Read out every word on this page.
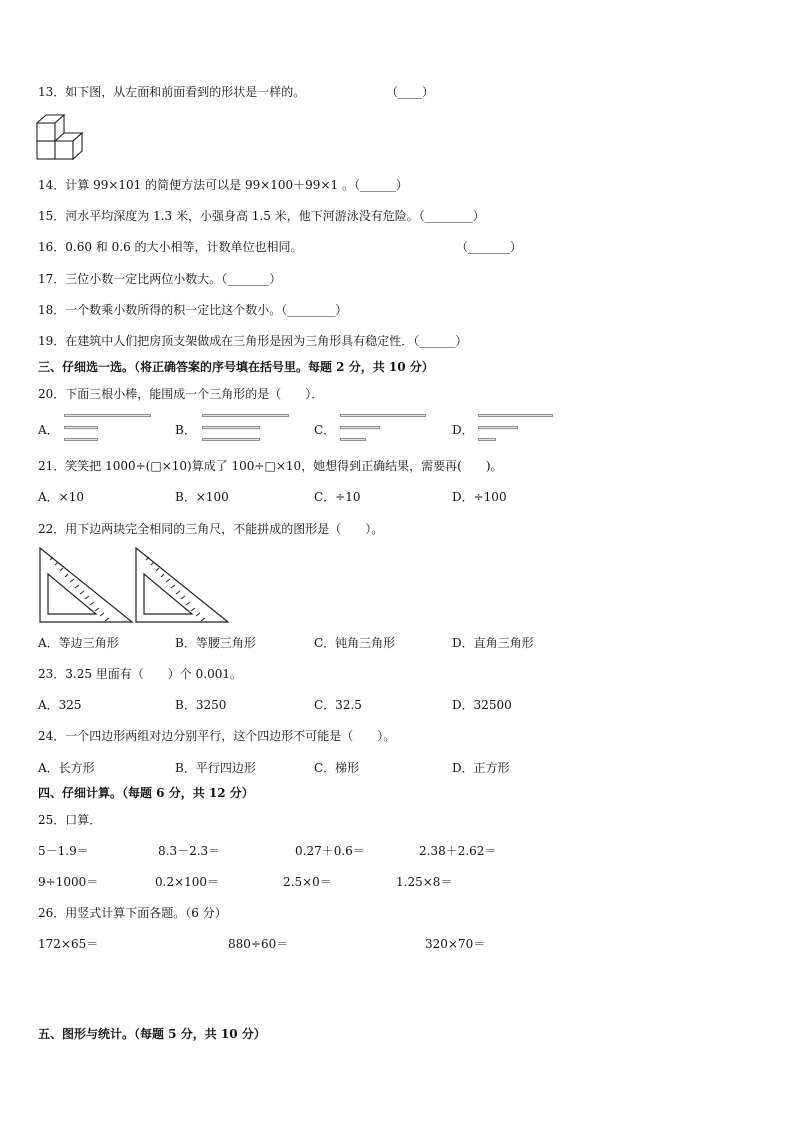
13．如下图，从左面和前面看到的形状是一样的。	（____）
14．计算 99×101 的简便方法可以是 99×100＋99×1 。（______）
15．河水平均深度为 1.3 米，小强身高 1.5 米，他下河游泳没有危险。（________）
16．0.60 和 0.6 的大小相等，计数单位也相同。	（_______）
17．三位小数一定比两位小数大。（_______）
18．一个数乘小数所得的积一定比这个数小。（________）
19．在建筑中人们把房顶支架做成在三角形是因为三角形具有稳定性．（______）
三、仔细选一选。（将正确答案的序号填在括号里。每题 2 分，共 10 分）
20．下面三根小棒，能围成一个三角形的是（　　）．
A．	B．	C．	D．
21．笑笑把 1000÷(□×10)算成了 100÷□×10，她想得到正确结果，需要再(　　)。
A．×10	B．×100	C．÷10	D．÷100
22．用下边两块完全相同的三角尺，不能拼成的图形是（　　）。
A．等边三角形	B．等腰三角形	C．钝角三角形	D．直角三角形
23．3.25 里面有（　　）个 0.001。
A．325	B．3250	C．32.5	D．32500
24．一个四边形两组对边分别平行，这个四边形不可能是（　　）。
A．长方形	B．平行四边形	C．梯形	D．正方形
四、仔细计算。（每题 6 分，共 12 分）
25．口算．
5－1.9＝	8.3－2.3＝	0.27＋0.6＝	2.38＋2.62＝
9÷1000＝	0.2×100＝	2.5×0＝	1.25×8＝
26．用竖式计算下面各题。（6 分）
172×65＝	880÷60＝	320×70＝
五、图形与统计。（每题 5 分，共 10 分）
